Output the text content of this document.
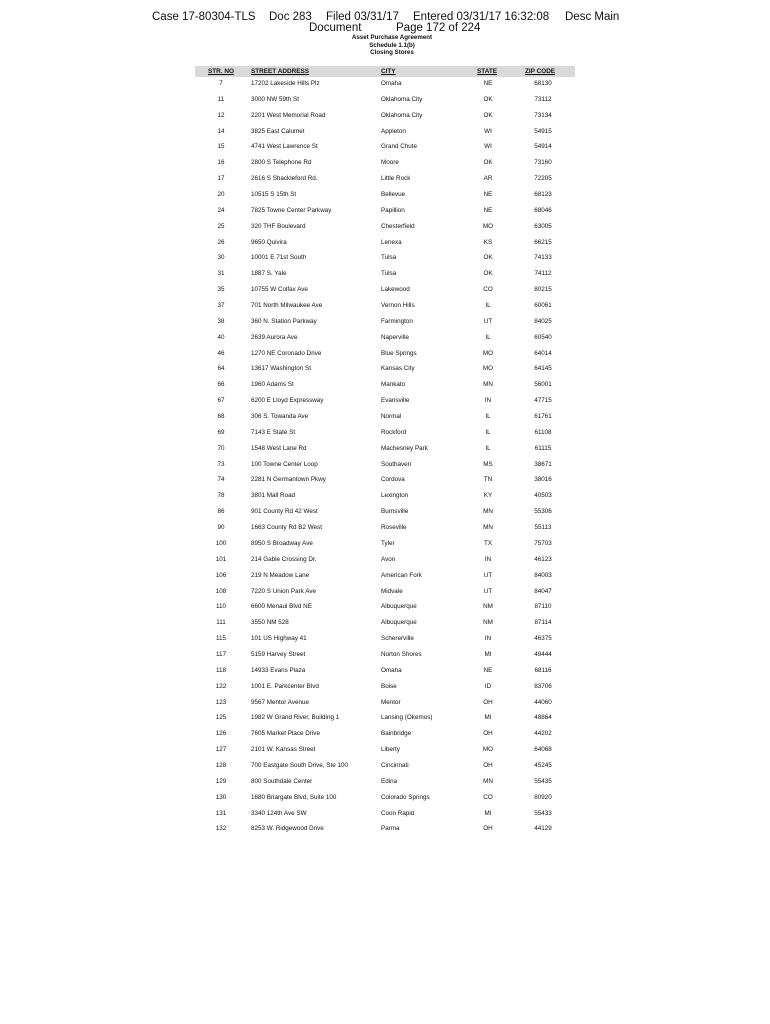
Case 17-80304-TLS Doc 283 Filed 03/31/17 Entered 03/31/17 16:32:08 Desc Main
Document	Page 172 of 224
Asset Purchase Agreement
Schedule 1.1(b)
Closing Stores
STR. NO	STREET ADDRESS	CITY	STATE	ZIP CODE
7	17202 Lakeside Hills Plz	Omaha	NE	68130
11	3000 NW 59th St	Oklahoma City	OK	73112
12	2201 West Memorial Road	Oklahoma City	OK	73134
14	3825 East Calumet	Appleton	WI	54915
15	4741 West Lawrence St	Grand Chute	WI	54914
16	2800 S Telephone Rd	Moore	OK	73160
17	2616 S Shackleford Rd.	Little Rock	AR	72205
20	10515 S 15th St	Bellevue	NE	68123
24	7825 Towne Center Parkway	Papillion	NE	68046
25	320 THF Boulevard	Chesterfield	MO	63005
26	9650 Quivira	Lenexa	KS	66215
30	10001 E 71st South	Tulsa	OK	74133
31	1887 S. Yale	Tulsa	OK	74112
35	10755 W Colfax Ave	Lakewood	CO	80215
37	701 North Milwaukee Ave	Vernon Hills	IL	60061
38	360 N. Station Parkway	Farmington	UT	84025
40	2639 Aurora Ave	Naperville	IL	60540
46	1270 NE Coronado Drive	Blue Springs	MO	64014
64	13617 Washington St	Kansas City	MO	64145
66	1960 Adams St	Mankato	MN	56001
67	6200 E Lloyd Expressway	Evansville	IN	47715
68	306 S. Towanda Ave	Normal	IL	61761
69	7143 E State St	Rockford	IL	61108
70	1548 West Lane Rd	Machesney Park	IL	61115
73	100 Towne Center Loop	Southaven	MS	38671
74	2281 N Germantown Pkwy	Cordova	TN	38016
78	3801 Mall Road	Lexington	KY	40503
86	901 County Rd 42 West	Burnsville	MN	55306
90	1663 County Rd B2 West	Roseville	MN	55113
100	8950 S Broadway Ave	Tyler	TX	75703
101	214 Gable Crossing Dr.	Avon	IN	46123
106	219 N Meadow Lane	American Fork	UT	84003
108	7220 S Union Park Ave	Midvale	UT	84047
110	6600 Menaul Blvd NE	Albuquerque	NM	87110
111	3550 NM 528	Albuquerque	NM	87114
115	101 US Highway 41	Schererville	IN	46375
117	5159 Harvey Street	Norton Shores	MI	49444
118	14933 Evans Plaza	Omaha	NE	68116
122	1001 E. Parkcenter Blvd	Boise	ID	83706
123	9567 Mentor Avenue	Mentor	OH	44060
125	1982 W Grand River, Building 1	Lansing (Okemos)	MI	48864
126	7605 Market Place Drive	Bainbridge	OH	44202
127	2101 W. Kansas Street	Liberty	MO	64068
128	700 Eastgate South Drive, Ste 100	Cincinnati	OH	45245
129	800 Southdale Center	Edina	MN	55435
130	1680 Briargate Blvd, Suite 100	Colorado Springs	CO	80920
131	3340 124th Ave SW	Coon Rapid	MI	55433
132	8253 W. Ridgewood Drive	Parma	OH	44129
